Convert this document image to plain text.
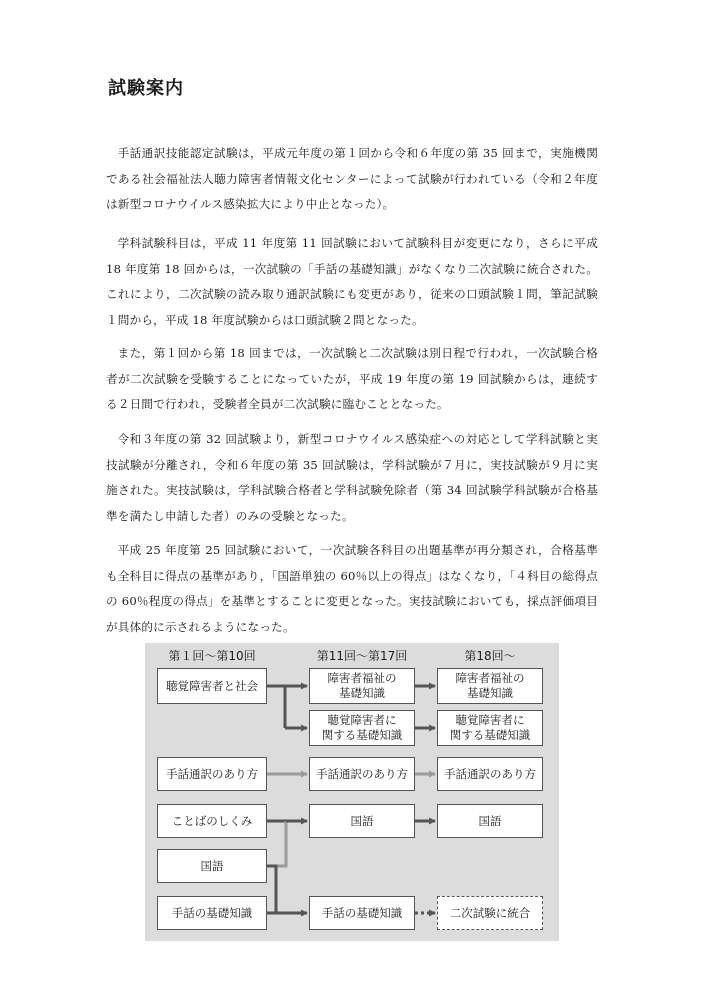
試験案内

手話通訳技能認定試験は，平成元年度の第１回から令和６年度の第 35 回まで，実施機関である社会福祉法人聴力障害者情報文化センターによって試験が行われている（令和２年度は新型コロナウイルス感染拡大により中止となった）。

学科試験科目は，平成 11 年度第 11 回試験において試験科目が変更になり，さらに平成 18 年度第 18 回からは，一次試験の「手話の基礎知識」がなくなり二次試験に統合された。これにより，二次試験の読み取り通訳試験にも変更があり，従来の口頭試験１問，筆記試験１問から，平成 18 年度試験からは口頭試験２問となった。

また，第１回から第 18 回までは，一次試験と二次試験は別日程で行われ，一次試験合格者が二次試験を受験することになっていたが，平成 19 年度の第 19 回試験からは，連続する２日間で行われ，受験者全員が二次試験に臨むこととなった。

令和３年度の第 32 回試験より，新型コロナウイルス感染症への対応として学科試験と実技試験が分離され，令和６年度の第 35 回試験は，学科試験が７月に，実技試験が９月に実施された。実技試験は，学科試験合格者と学科試験免除者（第 34 回試験学科試験が合格基準を満たし申請した者）のみの受験となった。

平成 25 年度第 25 回試験において，一次試験各科目の出題基準が再分類され，合格基準も全科目に得点の基準があり，「国語単独の 60％以上の得点」はなくなり，「４科目の総得点の 60％程度の得点」を基準とすることに変更となった。実技試験においても，採点評価項目が具体的に示されるようになった。

第１回〜第10回	第11回〜第17回	第18回〜
聴覚障害者と社会
手話通訳のあり方
ことばのしくみ
国語
手話の基礎知識
障害者福祉の
基礎知識
聴覚障害者に
関する基礎知識
手話通訳のあり方
国語
手話の基礎知識
障害者福祉の
基礎知識
聴覚障害者に
関する基礎知識
手話通訳のあり方
国語
二次試験に統合
